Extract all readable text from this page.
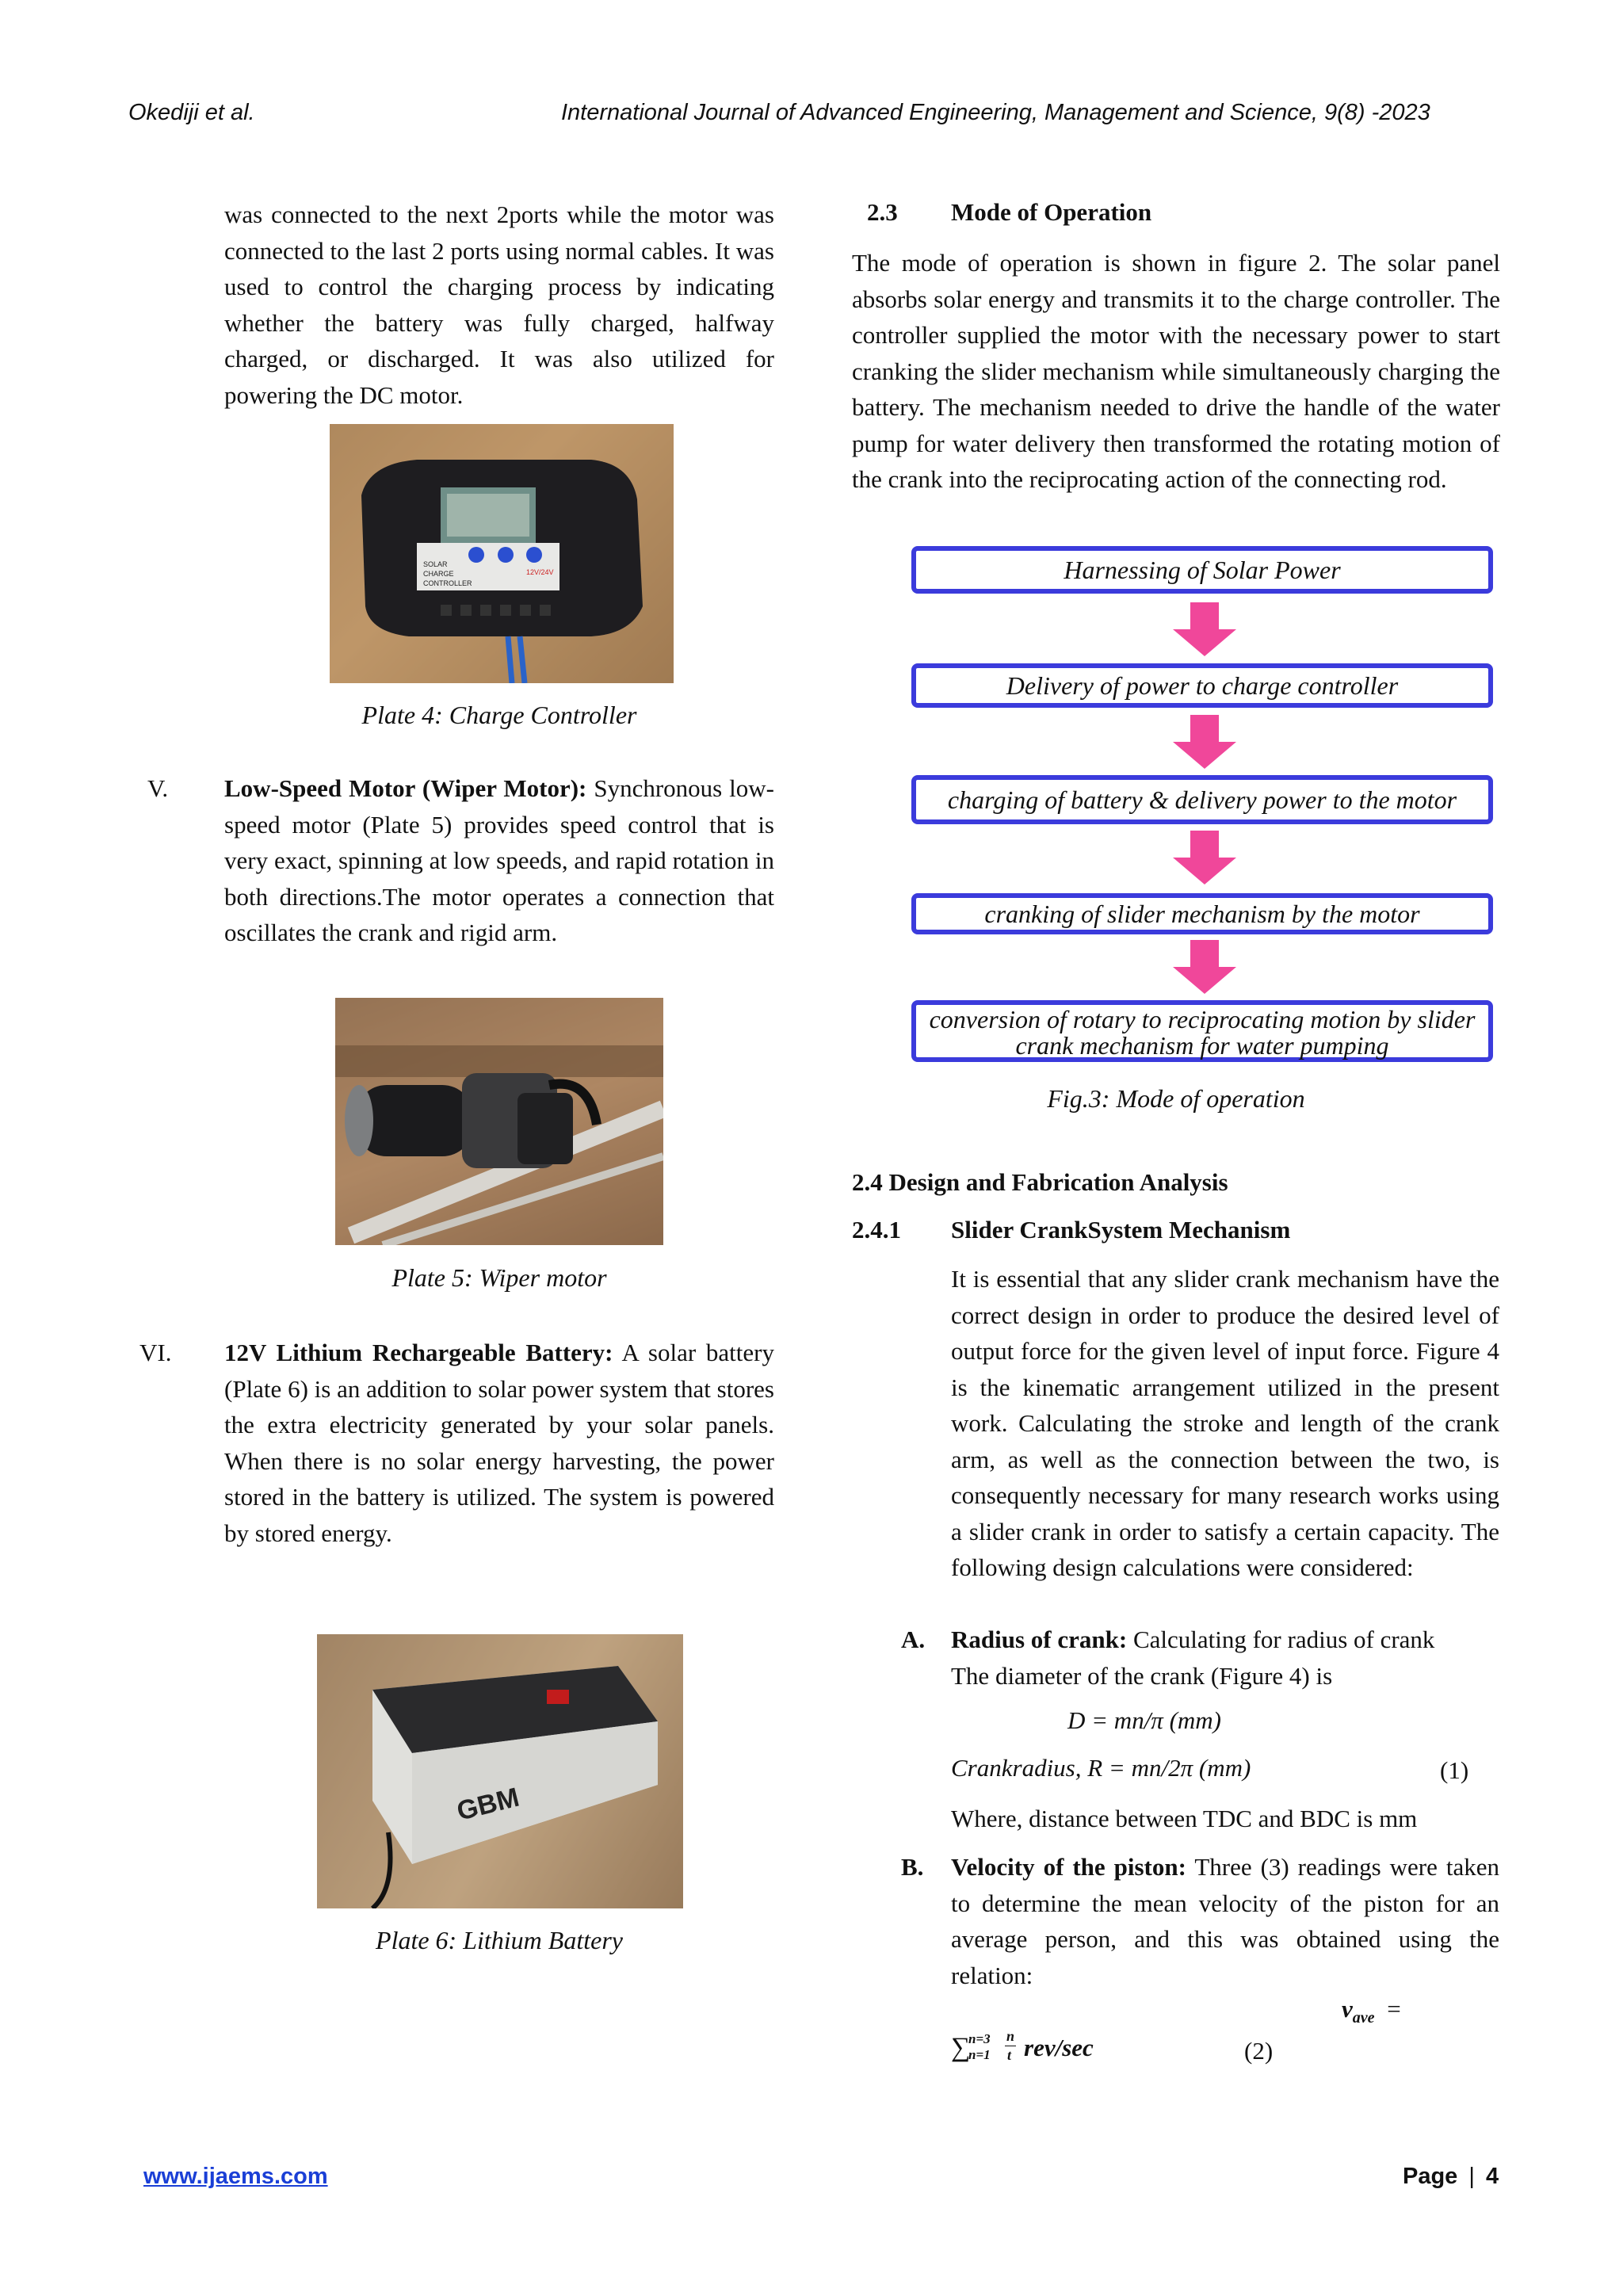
Okediji et al.	International Journal of Advanced Engineering, Management and Science, 9(8) -2023
was connected to the next 2ports while the motor was connected to the last 2 ports using normal cables. It was used to control the charging process by indicating whether the battery was fully charged, halfway charged, or discharged. It was also utilized for powering the DC motor.
SOLAR
CHARGE
CONTROLLER
12V/24V
Plate 4: Charge Controller
V. Low-Speed Motor (Wiper Motor): Synchronous low-speed motor (Plate 5) provides speed control that is very exact, spinning at low speeds, and rapid rotation in both directions.The motor operates a connection that oscillates the crank and rigid arm.
Plate 5: Wiper motor
VI. 12V Lithium Rechargeable Battery: A solar battery (Plate 6) is an addition to solar power system that stores the extra electricity generated by your solar panels. When there is no solar energy harvesting, the power stored in the battery is utilized. The system is powered by stored energy.
GBM
Plate 6: Lithium Battery
2.3 Mode of Operation
The mode of operation is shown in figure 2. The solar panel absorbs solar energy and transmits it to the charge controller. The controller supplied the motor with the necessary power to start cranking the slider mechanism while simultaneously charging the battery. The mechanism needed to drive the handle of the water pump for water delivery then transformed the rotating motion of the crank into the reciprocating action of the connecting rod.
Harnessing of Solar Power
Delivery of power to charge controller
charging of battery & delivery power to the motor
cranking of slider mechanism by the motor
conversion of rotary to reciprocating motion by slider crank mechanism for water pumping
Fig.3: Mode of operation
2.4 Design and Fabrication Analysis
2.4.1 Slider CrankSystem Mechanism
It is essential that any slider crank mechanism have the correct design in order to produce the desired level of output force for the given level of input force. Figure 4 is the kinematic arrangement utilized in the present work. Calculating the stroke and length of the crank arm, as well as the connection between the two, is consequently necessary for many research works using a slider crank in order to satisfy a certain capacity. The following design calculations were considered:
A. Radius of crank: Calculating for radius of crank
The diameter of the crank (Figure 4) is
D = mn/π (mm)
Crankradius, R = mn/2π (mm)	(1)
Where, distance between TDC and BDC is mm
B. Velocity of the piston: Three (3) readings were taken to determine the mean velocity of the piston for an average person, and this was obtained using the relation:
$v_{ave}$ =
∑
n=3
n=1
n
t rev/sec	(2)
www.ijaems.com	Page | 4
